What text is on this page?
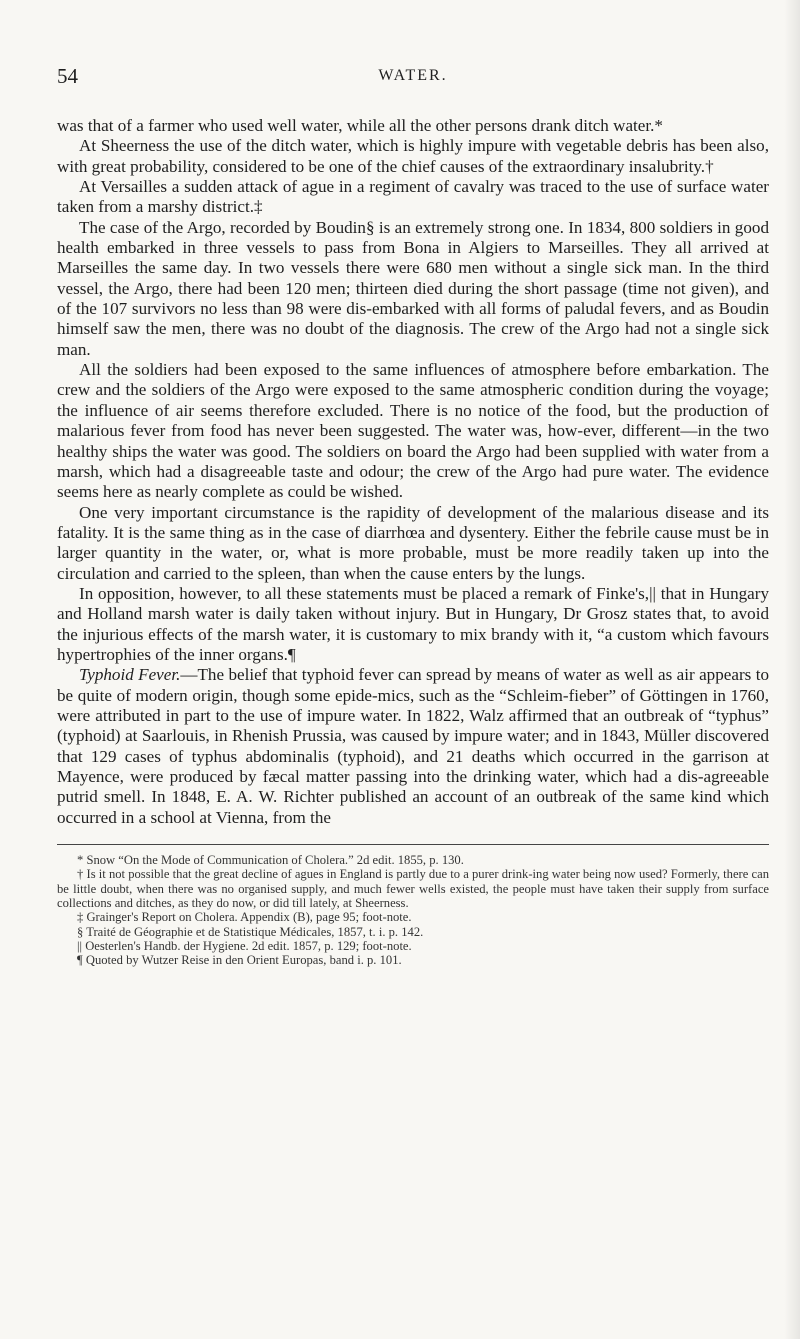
54	WATER.

was that of a farmer who used well water, while all the other persons drank ditch water.*

At Sheerness the use of the ditch water, which is highly impure with vegetable debris has been also, with great probability, considered to be one of the chief causes of the extraordinary insalubrity.†

At Versailles a sudden attack of ague in a regiment of cavalry was traced to the use of surface water taken from a marshy district.‡

The case of the Argo, recorded by Boudin§ is an extremely strong one. In 1834, 800 soldiers in good health embarked in three vessels to pass from Bona in Algiers to Marseilles. They all arrived at Marseilles the same day. In two vessels there were 680 men without a single sick man. In the third vessel, the Argo, there had been 120 men; thirteen died during the short passage (time not given), and of the 107 survivors no less than 98 were dis-embarked with all forms of paludal fevers, and as Boudin himself saw the men, there was no doubt of the diagnosis. The crew of the Argo had not a single sick man.

All the soldiers had been exposed to the same influences of atmosphere before embarkation. The crew and the soldiers of the Argo were exposed to the same atmospheric condition during the voyage; the influence of air seems therefore excluded. There is no notice of the food, but the production of malarious fever from food has never been suggested. The water was, how-ever, different—in the two healthy ships the water was good. The soldiers on board the Argo had been supplied with water from a marsh, which had a disagreeable taste and odour; the crew of the Argo had pure water. The evidence seems here as nearly complete as could be wished.

One very important circumstance is the rapidity of development of the malarious disease and its fatality. It is the same thing as in the case of diarrhœa and dysentery. Either the febrile cause must be in larger quantity in the water, or, what is more probable, must be more readily taken up into the circulation and carried to the spleen, than when the cause enters by the lungs.

In opposition, however, to all these statements must be placed a remark of Finke's,|| that in Hungary and Holland marsh water is daily taken without injury. But in Hungary, Dr Grosz states that, to avoid the injurious effects of the marsh water, it is customary to mix brandy with it, “a custom which favours hypertrophies of the inner organs.¶

Typhoid Fever.—The belief that typhoid fever can spread by means of water as well as air appears to be quite of modern origin, though some epide-mics, such as the “Schleim-fieber” of Göttingen in 1760, were attributed in part to the use of impure water. In 1822, Walz affirmed that an outbreak of “typhus” (typhoid) at Saarlouis, in Rhenish Prussia, was caused by impure water; and in 1843, Müller discovered that 129 cases of typhus abdominalis (typhoid), and 21 deaths which occurred in the garrison at Mayence, were produced by fæcal matter passing into the drinking water, which had a dis-agreeable putrid smell. In 1848, E. A. W. Richter published an account of an outbreak of the same kind which occurred in a school at Vienna, from the

* Snow “On the Mode of Communication of Cholera.” 2d edit. 1855, p. 130.

† Is it not possible that the great decline of agues in England is partly due to a purer drink-ing water being now used? Formerly, there can be little doubt, when there was no organised supply, and much fewer wells existed, the people must have taken their supply from surface collections and ditches, as they do now, or did till lately, at Sheerness.

‡ Grainger's Report on Cholera. Appendix (B), page 95; foot-note.

§ Traité de Géographie et de Statistique Médicales, 1857, t. i. p. 142.

|| Oesterlen's Handb. der Hygiene. 2d edit. 1857, p. 129; foot-note.

¶ Quoted by Wutzer Reise in den Orient Europas, band i. p. 101.
